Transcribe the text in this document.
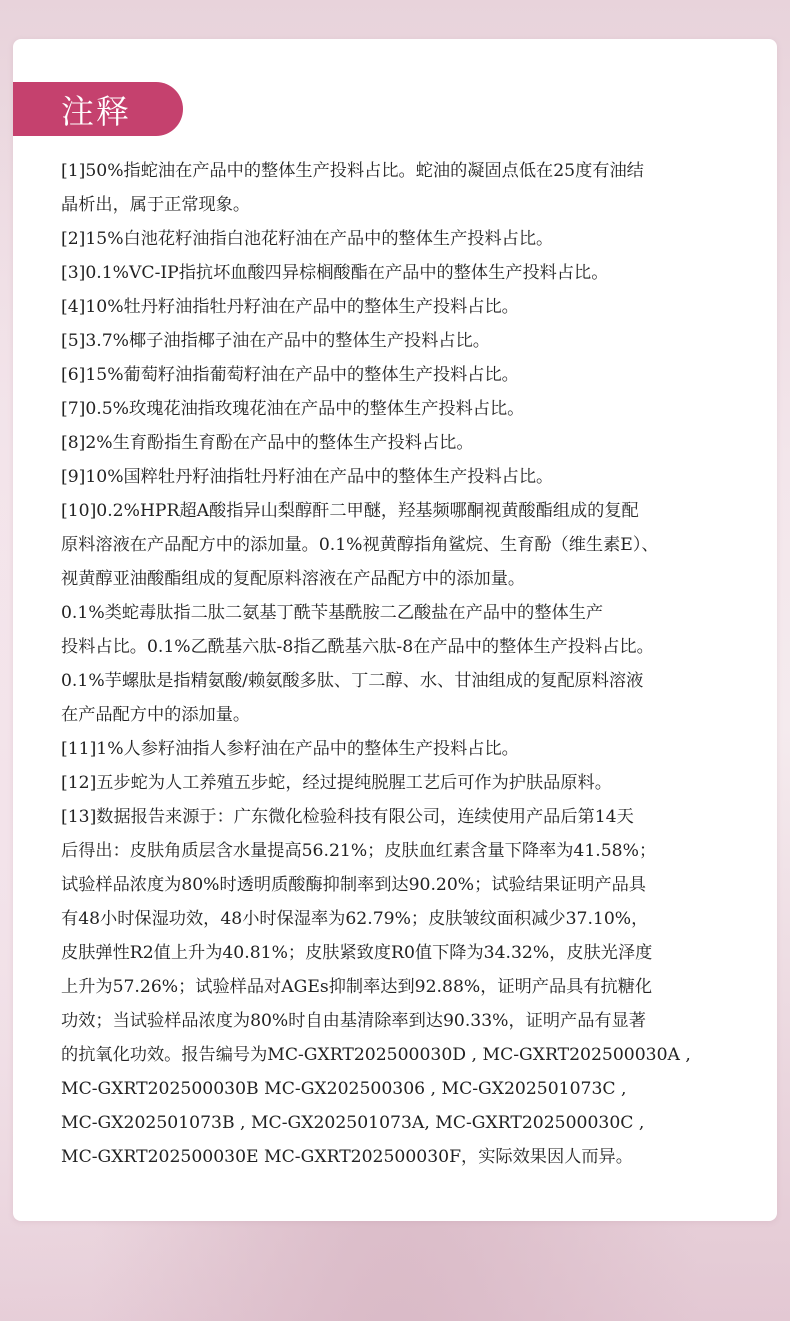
注释
[1]50%指蛇油在产品中的整体生产投料占比。蛇油的凝固点低在25度有油结
晶析出，属于正常现象。
[2]15%白池花籽油指白池花籽油在产品中的整体生产投料占比。
[3]0.1%VC-IP指抗坏血酸四异棕榈酸酯在产品中的整体生产投料占比。
[4]10%牡丹籽油指牡丹籽油在产品中的整体生产投料占比。
[5]3.7%椰子油指椰子油在产品中的整体生产投料占比。
[6]15%葡萄籽油指葡萄籽油在产品中的整体生产投料占比。
[7]0.5%玫瑰花油指玫瑰花油在产品中的整体生产投料占比。
[8]2%生育酚指生育酚在产品中的整体生产投料占比。
[9]10%国粹牡丹籽油指牡丹籽油在产品中的整体生产投料占比。
[10]0.2%HPR超A酸指异山梨醇酐二甲醚，羟基频哪酮视黄酸酯组成的复配
原料溶液在产品配方中的添加量。0.1%视黄醇指角鲨烷、生育酚（维生素E）、
视黄醇亚油酸酯组成的复配原料溶液在产品配方中的添加量。
0.1%类蛇毒肽指二肽二氨基丁酰苄基酰胺二乙酸盐在产品中的整体生产
投料占比。0.1%乙酰基六肽-8指乙酰基六肽-8在产品中的整体生产投料占比。
0.1%芋螺肽是指精氨酸/赖氨酸多肽、丁二醇、水、甘油组成的复配原料溶液
在产品配方中的添加量。
[11]1%人参籽油指人参籽油在产品中的整体生产投料占比。
[12]五步蛇为人工养殖五步蛇，经过提纯脱腥工艺后可作为护肤品原料。
[13]数据报告来源于：广东微化检验科技有限公司，连续使用产品后第14天
后得出：皮肤角质层含水量提高56.21%；皮肤血红素含量下降率为41.58%；
试验样品浓度为80%时透明质酸酶抑制率到达90.20%；试验结果证明产品具
有48小时保湿功效，48小时保湿率为62.79%；皮肤皱纹面积减少37.10%，
皮肤弹性R2值上升为40.81%；皮肤紧致度R0值下降为34.32%，皮肤光泽度
上升为57.26%；试验样品对AGEs抑制率达到92.88%，证明产品具有抗糖化
功效；当试验样品浓度为80%时自由基清除率到达90.33%，证明产品有显著
的抗氧化功效。报告编号为MC-GXRT202500030D , MC-GXRT202500030A ,
MC-GXRT202500030B MC-GX202500306 , MC-GX202501073C ,
MC-GX202501073B , MC-GX202501073A, MC-GXRT202500030C ,
MC-GXRT202500030E MC-GXRT202500030F，实际效果因人而异。
